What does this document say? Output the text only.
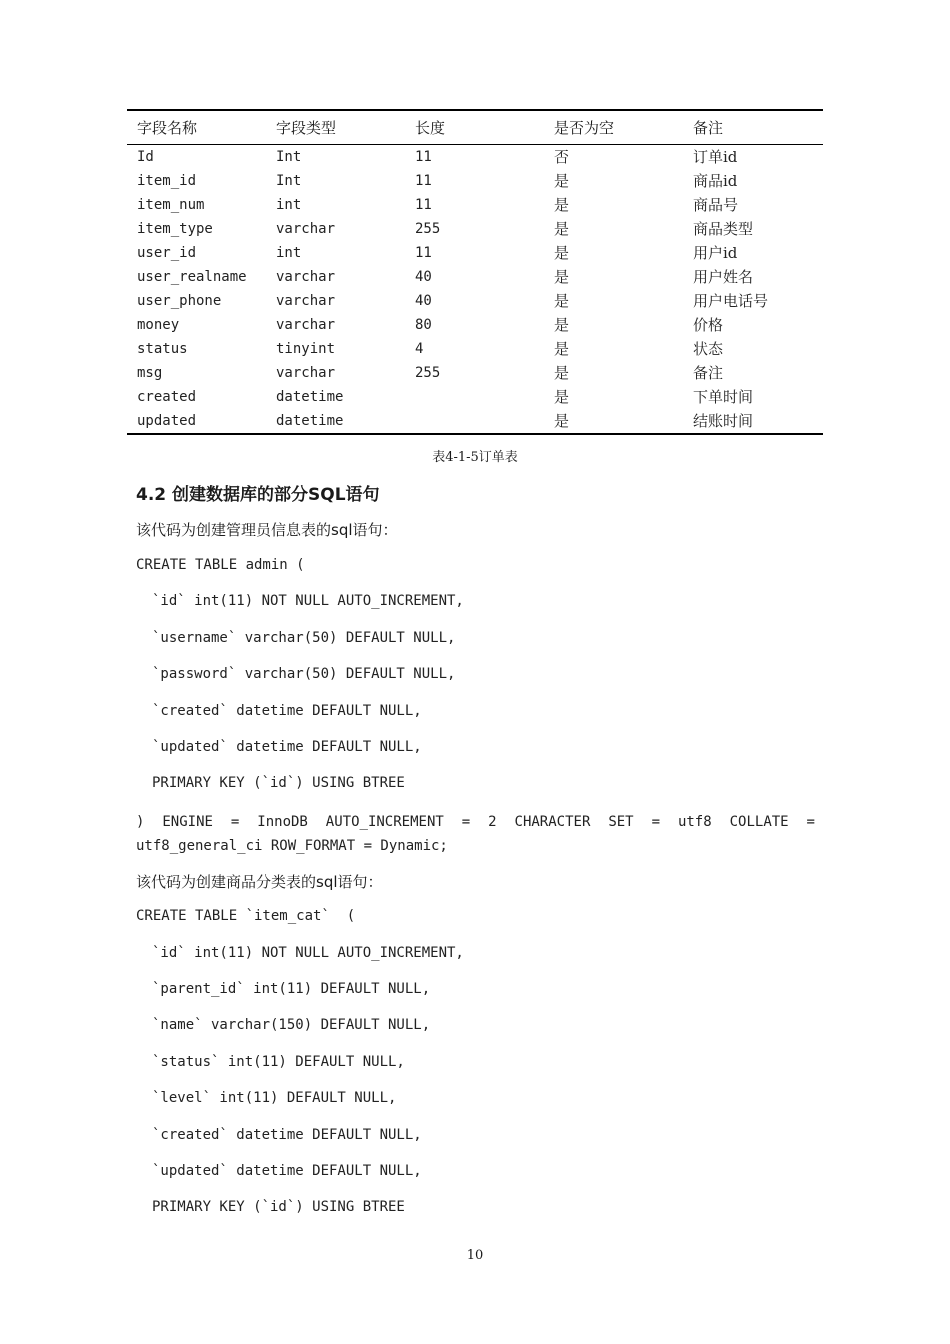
字段名称	字段类型	长度	是否为空	备注
Id	Int	11	否	订单id
item_id	Int	11	是	商品id
item_num	int	11	是	商品号
item_type	varchar	255	是	商品类型
user_id	int	11	是	用户id
user_realname	varchar	40	是	用户姓名
user_phone	varchar	40	是	用户电话号
money	varchar	80	是	价格
status	tinyint	4	是	状态
msg	varchar	255	是	备注
created	datetime		是	下单时间
updated	datetime		是	结账时间
表4-1-5订单表
4.2 创建数据库的部分SQL语句
该代码为创建管理员信息表的sql语句：
CREATE TABLE admin (
`id` int(11) NOT NULL AUTO_INCREMENT,
`username` varchar(50) DEFAULT NULL,
`password` varchar(50) DEFAULT NULL,
`created` datetime DEFAULT NULL,
`updated` datetime DEFAULT NULL,
PRIMARY KEY (`id`) USING BTREE
) ENGINE = InnoDB AUTO_INCREMENT = 2 CHARACTER SET = utf8 COLLATE = utf8_general_ci ROW_FORMAT = Dynamic;
该代码为创建商品分类表的sql语句：
CREATE TABLE `item_cat`  (
`id` int(11) NOT NULL AUTO_INCREMENT,
`parent_id` int(11) DEFAULT NULL,
`name` varchar(150) DEFAULT NULL,
`status` int(11) DEFAULT NULL,
`level` int(11) DEFAULT NULL,
`created` datetime DEFAULT NULL,
`updated` datetime DEFAULT NULL,
PRIMARY KEY (`id`) USING BTREE
10
